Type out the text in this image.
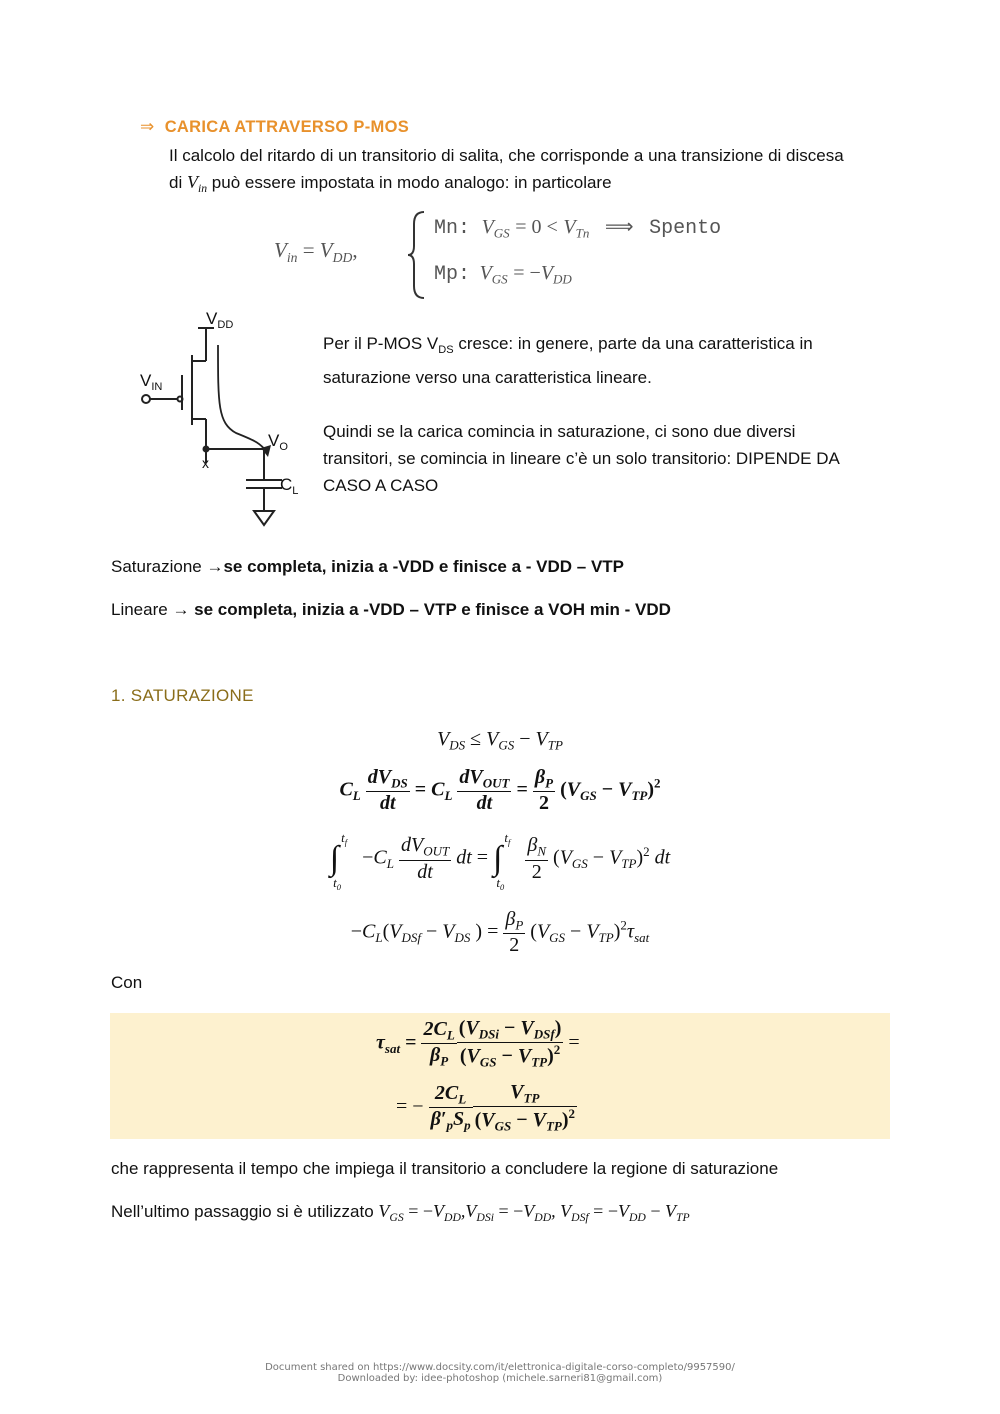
⇒ CARICA ATTRAVERSO P-MOS
Il calcolo del ritardo di un transitorio di salita, che corrisponde a una transizione di discesa
di $V_{in}$ può essere impostata in modo analogo: in particolare
$V_{in} = V_{DD}$,
Mn: $V_{GS} = 0 < V_{Tn}$ ⟹ Spento
Mp: $V_{GS} = -V_{DD}$
$V_{DD}$
$V_{IN}$
$V_O$
$C_L$
x
Per il P-MOS $V_{DS}$ cresce: in genere, parte da una caratteristica in
saturazione verso una caratteristica lineare.
Quindi se la carica comincia in saturazione, ci sono due diversi
transitori, se comincia in lineare c’è un solo transitorio: DIPENDE DA
CASO A CASO
Saturazione →se completa, inizia a -VDD e finisce a - VDD – VTP
Lineare → se completa, inizia a -VDD – VTP e finisce a VOH min - VDD
1. SATURAZIONE
$V_{DS} \le V_{GS} - V_{TP}$
$C_L \frac{dV_{DS}}{dt} = C_L \frac{dV_{OUT}}{dt} = \frac{\beta_P}{2} (V_{GS} - V_{TP})^2$
∫
$t_f$
$t_0$
$-C_L \frac{dV_{OUT}}{dt}$ dt = ∫
$t_f$
$t_0$

$\frac{\beta_N}{2} (V_{GS} - V_{TP})^2$ dt
$-C_L(V_{DSf} - V_{DS}$ ) = $\frac{\beta_P}{2} (V_{GS} - V_{TP})^2\tau_{sat}$
Con
$\tau_{sat} = \frac{2C_L}{\beta_P} \frac{(V_{DSi} - V_{DSf})}{(V_{GS} - V_{TP})^2}$ =
= − $\frac{2C_L}{\beta'_pS_p} \frac{V_{TP}}{(V_{GS} - V_{TP})^2}$
che rappresenta il tempo che impiega il transitorio a concludere la regione di saturazione
Nell’ultimo passaggio si è utilizzato $V_{GS} = -V_{DD},V_{DSi} = -V_{DD}$, $V_{DSf} = -V_{DD} - V_{TP}$
Document shared on https://www.docsity.com/it/elettronica-digitale-corso-completo/9957590/
Downloaded by: idee-photoshop (michele.sarneri81@gmail.com)
